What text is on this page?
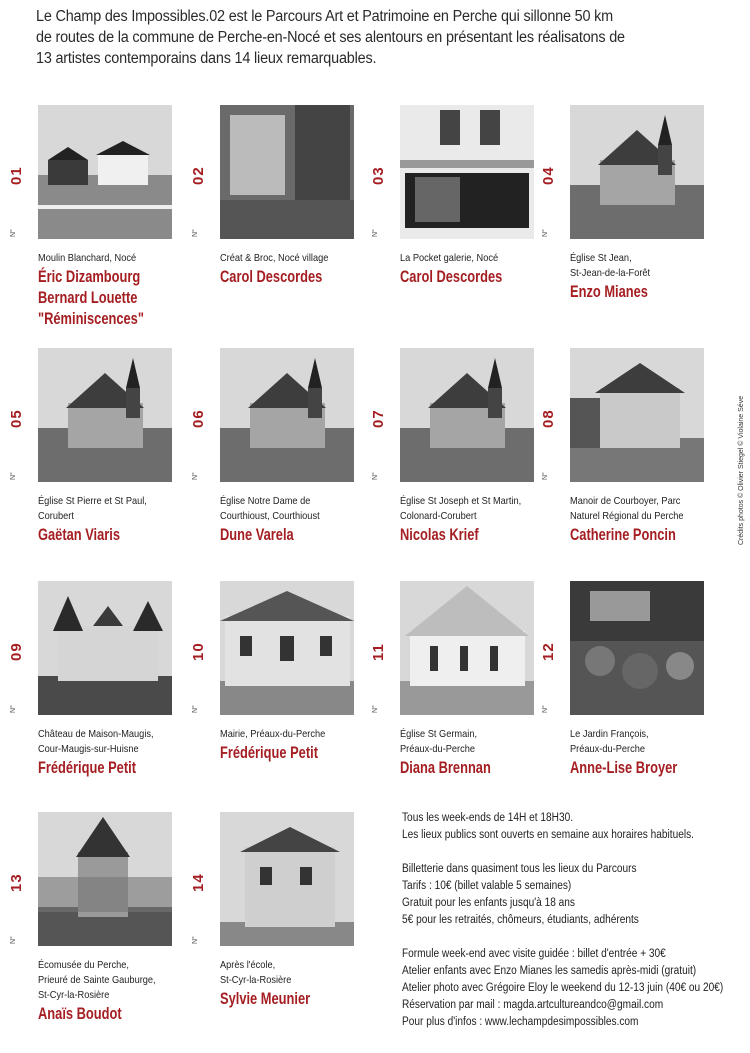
Le Champ des Impossibles.02 est le Parcours Art et Patrimoine en Perche qui sillonne 50 km
de routes de la commune de Perche-en-Nocé et ses alentours en présentant les réalisatons de
13 artistes contemporains dans 14 lieux remarquables.
01
N°
Moulin Blanchard, Nocé
Éric Dizambourg
Bernard Louette
"Réminiscences"
02
N°
Créat & Broc, Nocé village
Carol Descordes
03
N°
La Pocket galerie, Nocé
Carol Descordes
04
N°
Église St Jean,
St-Jean-de-la-Forêt
Enzo Mianes
05
N°
Église St Pierre et St Paul,
Corubert
Gaëtan Viaris
06
N°
Église Notre Dame de
Courthioust, Courthioust
Dune Varela
07
N°
Église St Joseph et St Martin,
Colonard-Corubert
Nicolas Krief
08
N°
Manoir de Courboyer, Parc
Naturel Régional du Perche
Catherine Poncin
09
N°
Château de Maison-Maugis,
Cour-Maugis-sur-Huisne
Frédérique Petit
10
N°
Mairie, Préaux-du-Perche
Frédérique Petit
11
N°
Église St Germain,
Préaux-du-Perche
Diana Brennan
12
N°
Le Jardin François,
Préaux-du-Perche
Anne-Lise Broyer
13
N°
Écomusée du Perche,
Prieuré de Sainte Gauburge,
St-Cyr-la-Rosière
Anaïs Boudot
14
N°
Après l'école,
St-Cyr-la-Rosière
Sylvie Meunier
Crédits photos © Olivier Stiegel © Violaine Séve
Tous les week-ends de 14H et 18H30.
Les lieux publics sont ouverts en semaine aux horaires habituels.
Billetterie dans quasiment tous les lieux du Parcours
Tarifs : 10€ (billet valable 5 semaines)
Gratuit pour les enfants jusqu'à 18 ans
5€ pour les retraités, chômeurs, étudiants, adhérents
Formule week-end avec visite guidée : billet d'entrée + 30€
Atelier enfants avec Enzo Mianes les samedis après-midi (gratuit)
Atelier photo avec Grégoire Eloy le weekend du 12-13 juin (40€ ou 20€)
Réservation par mail : magda.artcultureandco@gmail.com
Pour plus d'infos : www.lechampdesimpossibles.com
